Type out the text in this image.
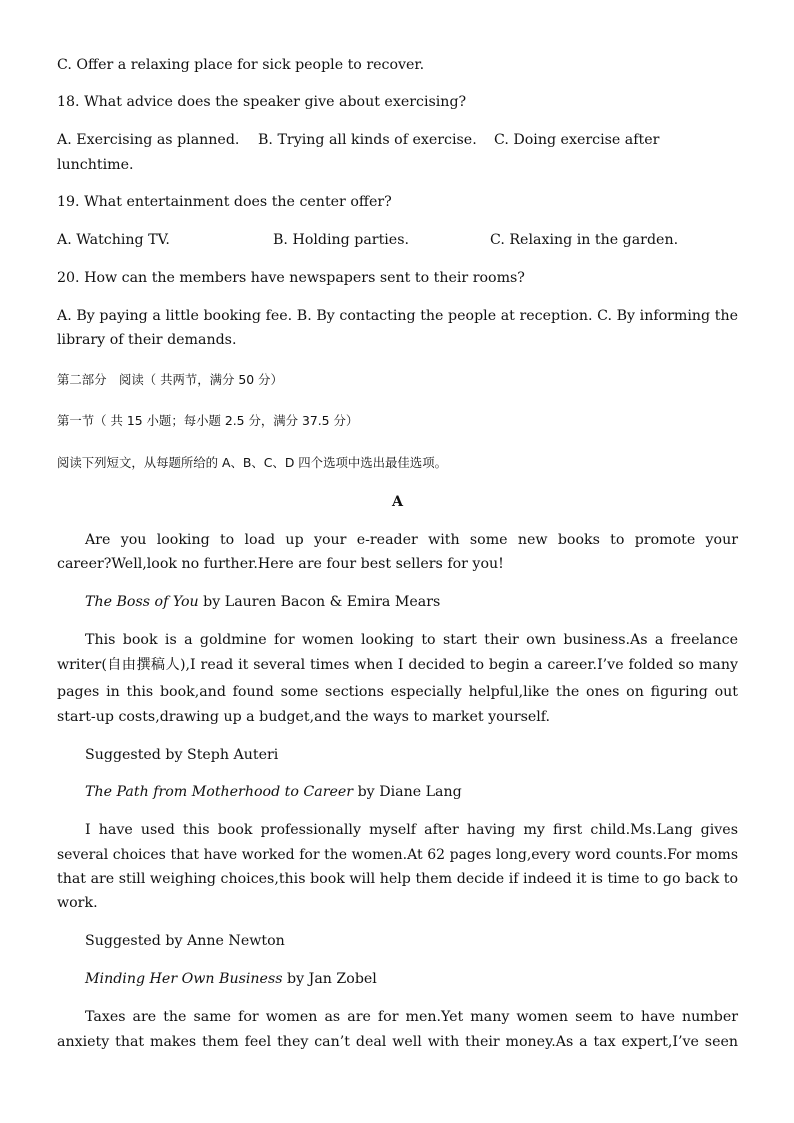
C. Offer a relaxing place for sick people to recover.
18. What advice does the speaker give about exercising?
A. Exercising as planned. B. Trying all kinds of exercise. C. Doing exercise after
lunchtime.
19. What entertainment does the center offer?
A. Watching TV.	B. Holding parties.	C. Relaxing in the garden.
20. How can the members have newspapers sent to their rooms?
A. By paying a little booking fee. B. By contacting the people at reception. C. By informing the
library of their demands.
第二部分　阅读（ 共两节，满分 50 分）
第一节（ 共 15 小题；每小题 2.5 分，满分 37.5 分）
阅读下列短文，从每题所给的 A、B、C、D 四个选项中选出最佳选项。
A
Are you looking to load up your e-reader with some new books to promote your
career?Well,look no further.Here are four best sellers for you!
The Boss of You by Lauren Bacon & Emira Mears
This book is a goldmine for women looking to start their own business.As a freelance
writer(自由撰稿人),I read it several times when I decided to begin a career.I’ve folded so many
pages in this book,and found some sections especially helpful,like the ones on figuring out
start-up costs,drawing up a budget,and the ways to market yourself.
Suggested by Steph Auteri
The Path from Motherhood to Career by Diane Lang
I have used this book professionally myself after having my first child.Ms.Lang gives
several choices that have worked for the women.At 62 pages long,every word counts.For moms
that are still weighing choices,this book will help them decide if indeed it is time to go back to
work.
Suggested by Anne Newton
Minding Her Own Business by Jan Zobel
Taxes are the same for women as are for men.Yet many women seem to have number
anxiety that makes them feel they can’t deal well with their money.As a tax expert,I’ve seen
